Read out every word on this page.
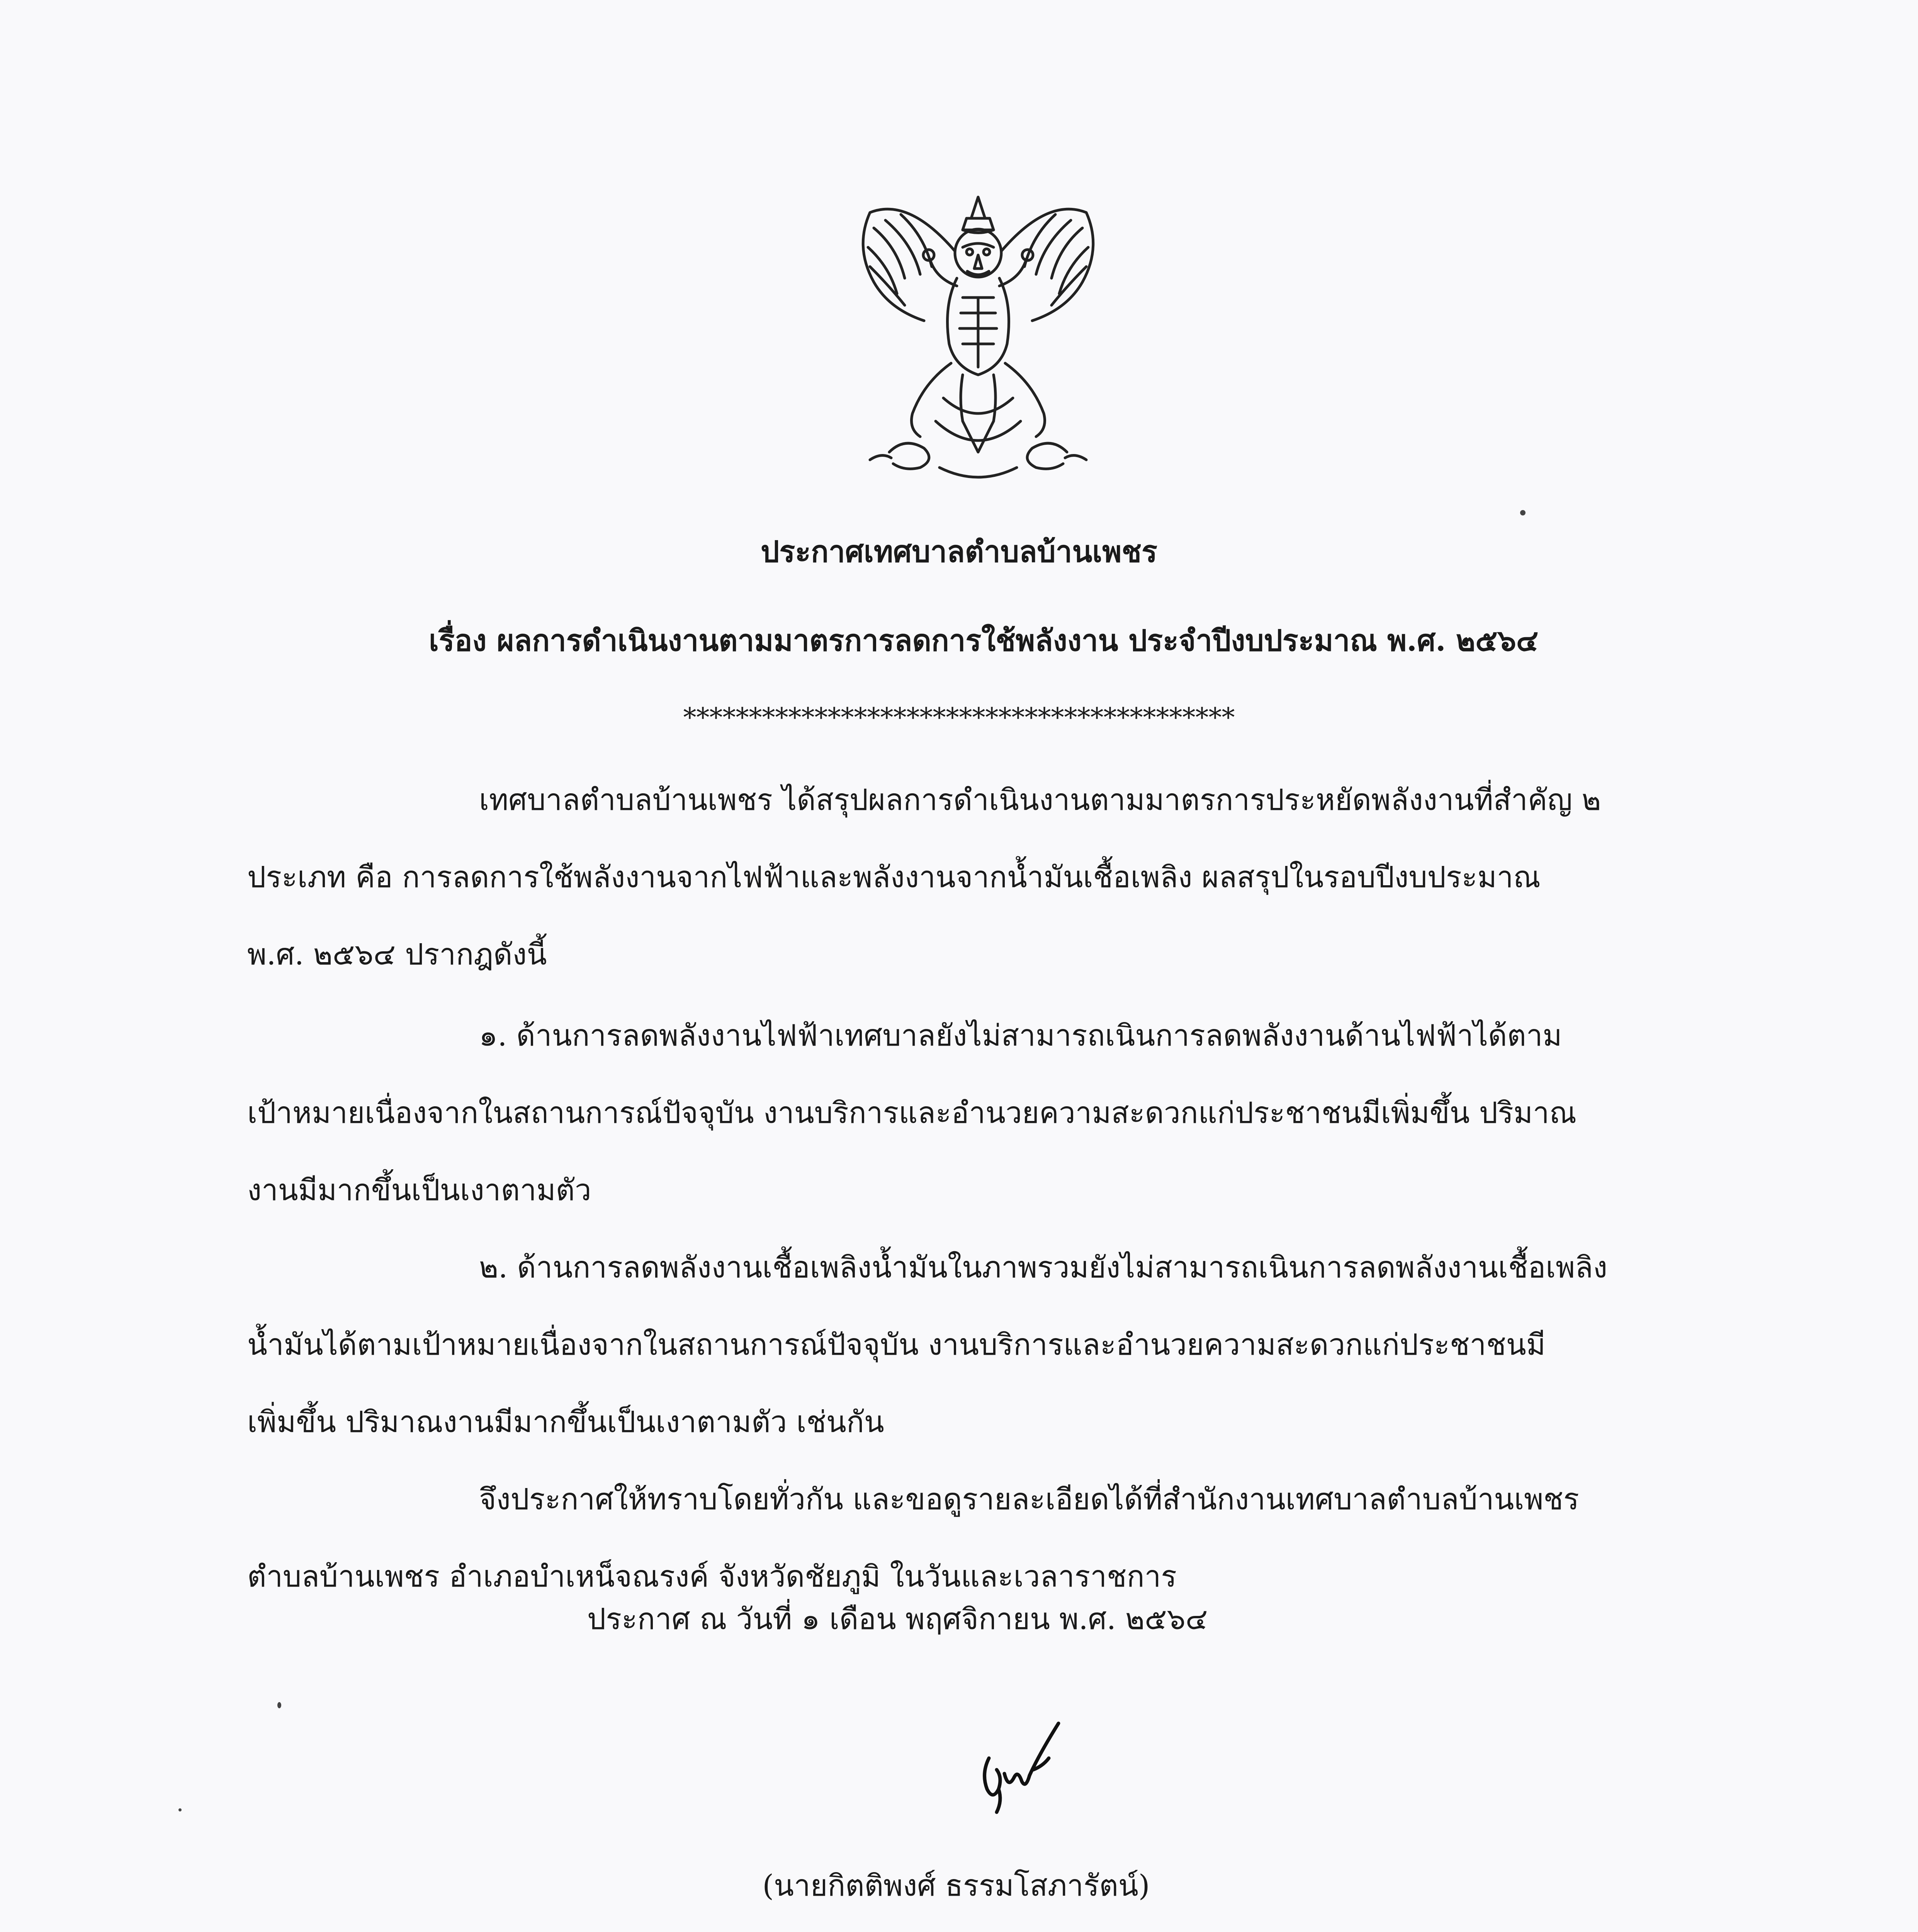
ประกาศเทศบาลตำบลบ้านเพชร
เรื่อง ผลการดำเนินงานตามมาตรการลดการใช้พลังงาน ประจำปีงบประมาณ พ.ศ. ๒๕๖๔
******************************************

เทศบาลตำบลบ้านเพชร ได้สรุปผลการดำเนินงานตามมาตรการประหยัดพลังงานที่สำคัญ ๒
ประเภท คือ การลดการใช้พลังงานจากไฟฟ้าและพลังงานจากน้ำมันเชื้อเพลิง ผลสรุปในรอบปีงบประมาณ
พ.ศ. ๒๕๖๔ ปรากฎดังนี้

๑. ด้านการลดพลังงานไฟฟ้าเทศบาลยังไม่สามารถเนินการลดพลังงานด้านไฟฟ้าได้ตาม
เป้าหมายเนื่องจากในสถานการณ์ปัจจุบัน งานบริการและอำนวยความสะดวกแก่ประชาชนมีเพิ่มขึ้น ปริมาณ
งานมีมากขึ้นเป็นเงาตามตัว

๒. ด้านการลดพลังงานเชื้อเพลิงน้ำมันในภาพรวมยังไม่สามารถเนินการลดพลังงานเชื้อเพลิง
น้ำมันได้ตามเป้าหมายเนื่องจากในสถานการณ์ปัจจุบัน งานบริการและอำนวยความสะดวกแก่ประชาชนมี
เพิ่มขึ้น ปริมาณงานมีมากขึ้นเป็นเงาตามตัว เช่นกัน

จึงประกาศให้ทราบโดยทั่วกัน และขอดูรายละเอียดได้ที่สำนักงานเทศบาลตำบลบ้านเพชร
ตำบลบ้านเพชร อำเภอบำเหน็จณรงค์ จังหวัดชัยภูมิ ในวันและเวลาราชการ

ประกาศ ณ วันที่ ๑ เดือน พฤศจิกายน พ.ศ. ๒๕๖๔
(นายกิตติพงศ์ ธรรมโสภารัตน์)
